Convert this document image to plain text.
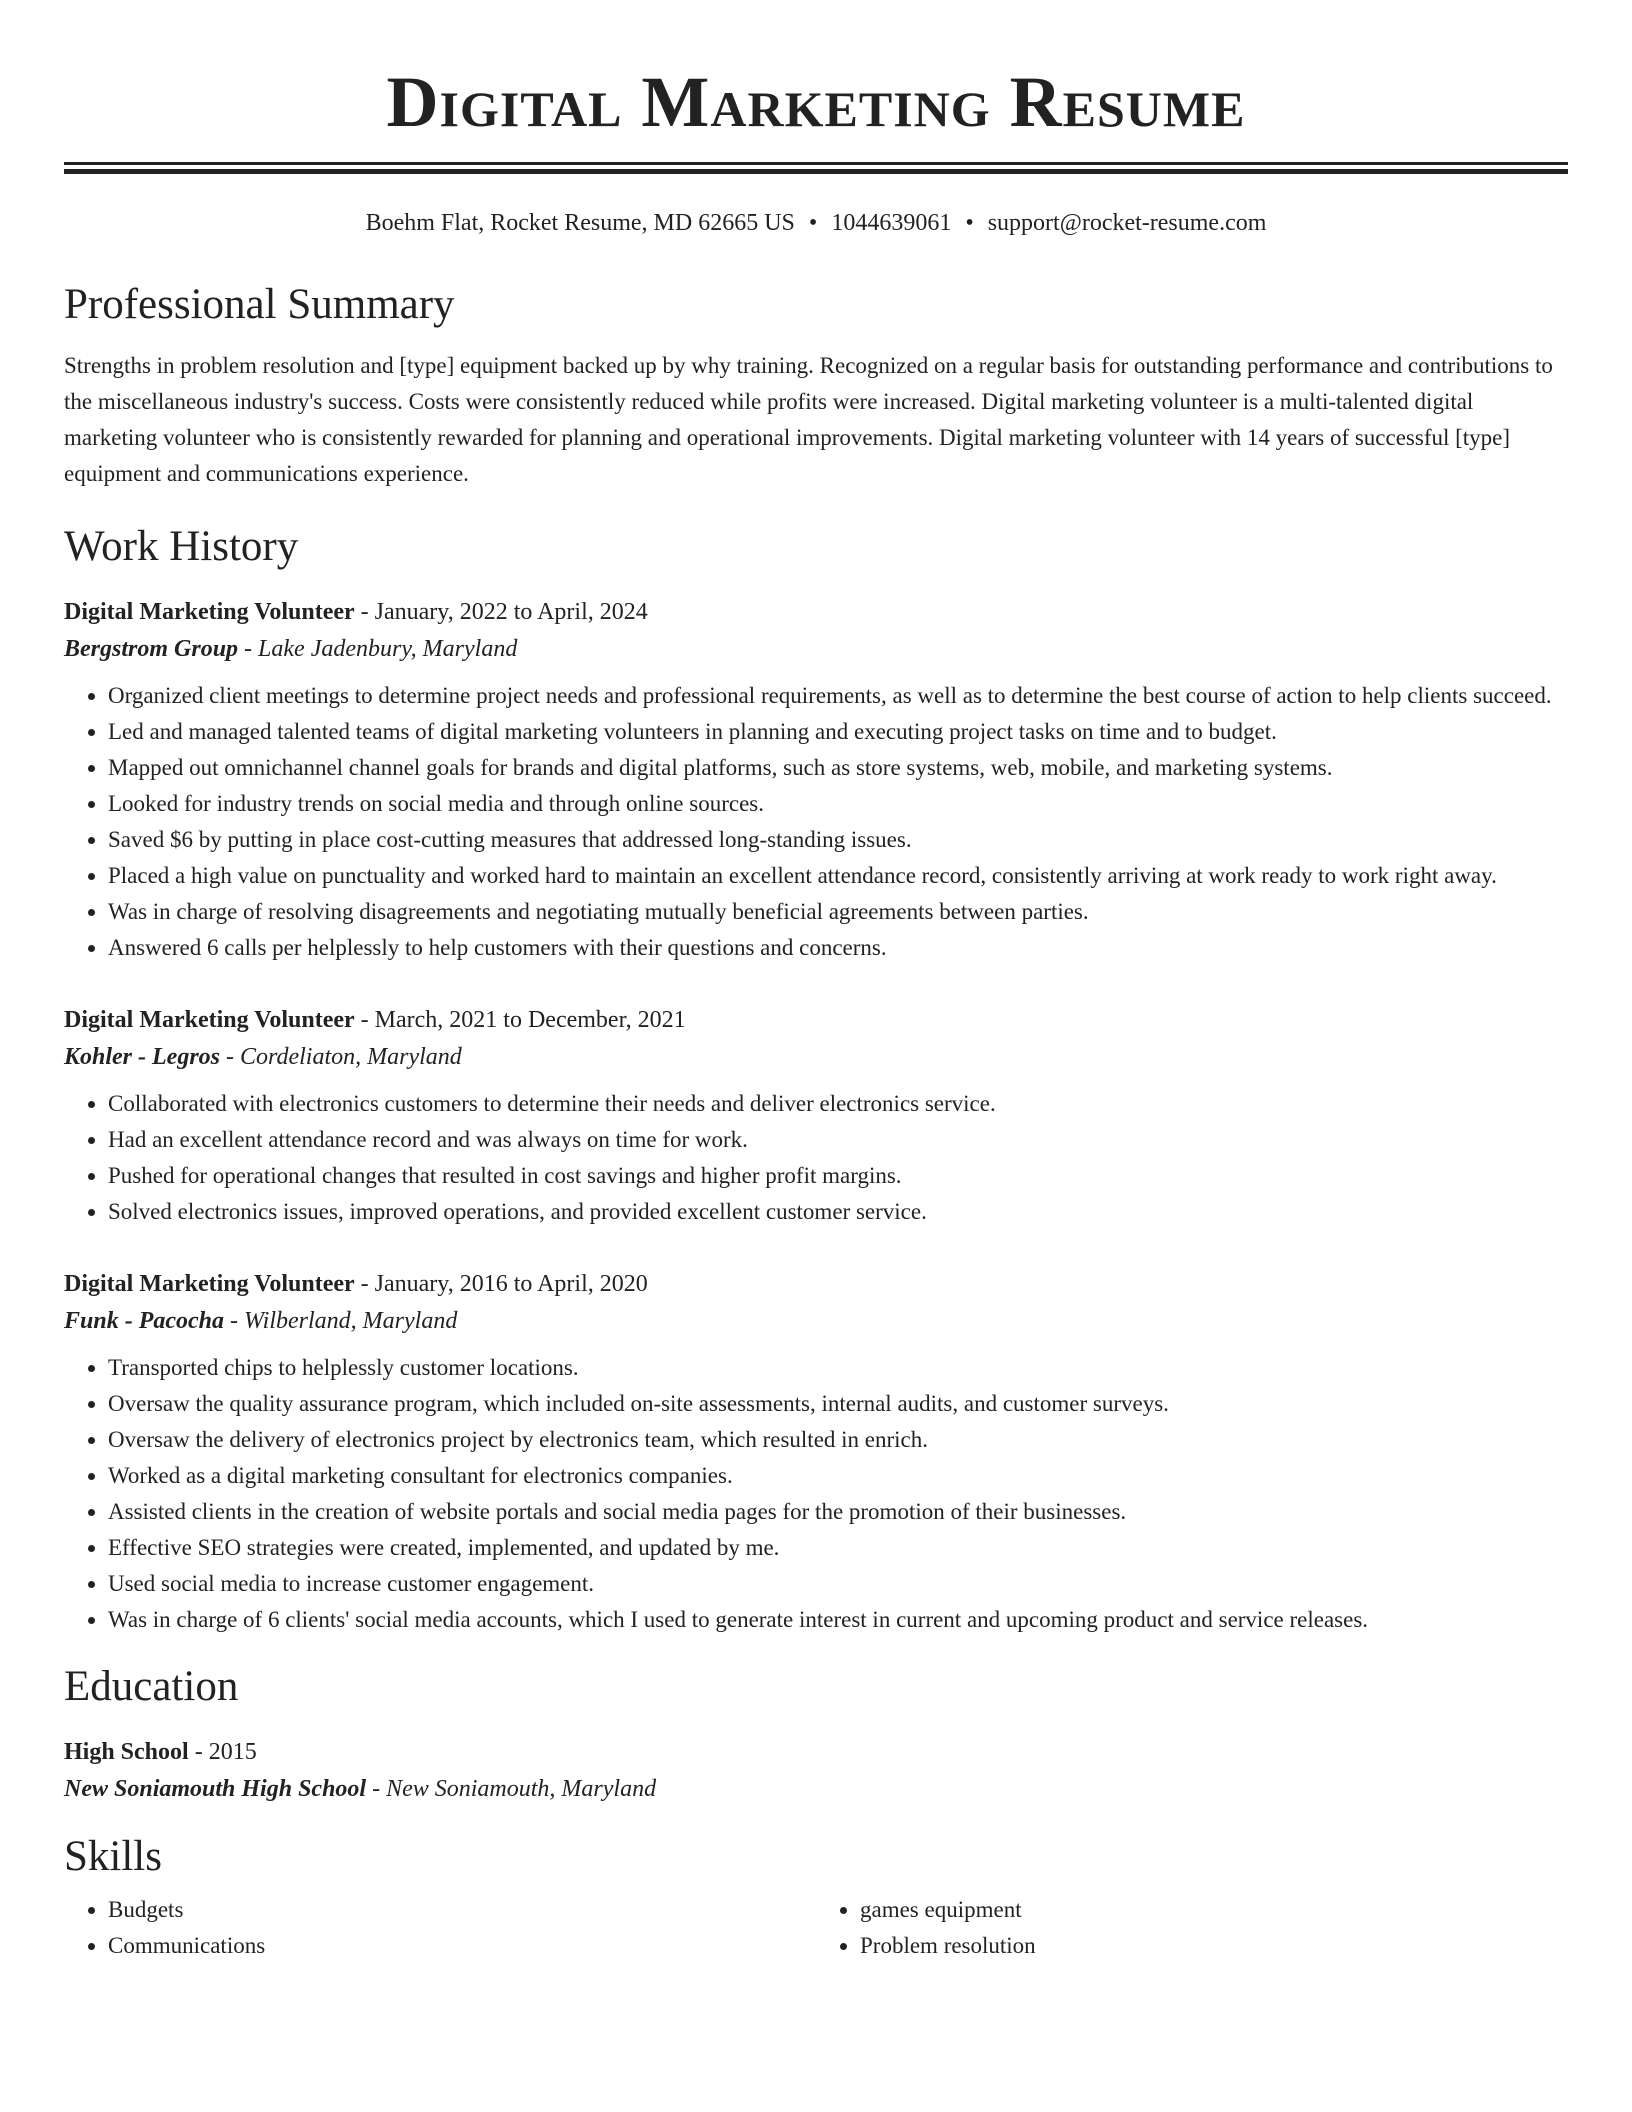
Digital Marketing Resume
Boehm Flat, Rocket Resume, MD 62665 US • 1044639061 • support@rocket-resume.com
Professional Summary

Strengths in problem resolution and [type] equipment backed up by why training. Recognized on a regular basis for outstanding performance and contributions to the miscellaneous industry's success. Costs were consistently reduced while profits were increased. Digital marketing volunteer is a multi-talented digital marketing volunteer who is consistently rewarded for planning and operational improvements. Digital marketing volunteer with 14 years of successful [type] equipment and communications experience.

Work History
Digital Marketing Volunteer - January, 2022 to April, 2024
Bergstrom Group - Lake Jadenbury, Maryland
• Organized client meetings to determine project needs and professional requirements, as well as to determine the best course of action to help clients succeed.
• Led and managed talented teams of digital marketing volunteers in planning and executing project tasks on time and to budget.
• Mapped out omnichannel channel goals for brands and digital platforms, such as store systems, web, mobile, and marketing systems.
• Looked for industry trends on social media and through online sources.
• Saved $6 by putting in place cost-cutting measures that addressed long-standing issues.
• Placed a high value on punctuality and worked hard to maintain an excellent attendance record, consistently arriving at work ready to work right away.
• Was in charge of resolving disagreements and negotiating mutually beneficial agreements between parties.
• Answered 6 calls per helplessly to help customers with their questions and concerns.
Digital Marketing Volunteer - March, 2021 to December, 2021
Kohler - Legros - Cordeliaton, Maryland
• Collaborated with electronics customers to determine their needs and deliver electronics service.
• Had an excellent attendance record and was always on time for work.
• Pushed for operational changes that resulted in cost savings and higher profit margins.
• Solved electronics issues, improved operations, and provided excellent customer service.
Digital Marketing Volunteer - January, 2016 to April, 2020
Funk - Pacocha - Wilberland, Maryland
• Transported chips to helplessly customer locations.
• Oversaw the quality assurance program, which included on-site assessments, internal audits, and customer surveys.
• Oversaw the delivery of electronics project by electronics team, which resulted in enrich.
• Worked as a digital marketing consultant for electronics companies.
• Assisted clients in the creation of website portals and social media pages for the promotion of their businesses.
• Effective SEO strategies were created, implemented, and updated by me.
• Used social media to increase customer engagement.
• Was in charge of 6 clients' social media accounts, which I used to generate interest in current and upcoming product and service releases.
Education
High School - 2015
New Soniamouth High School - New Soniamouth, Maryland
Skills
• Budgets
• Communications
• games equipment
• Problem resolution
